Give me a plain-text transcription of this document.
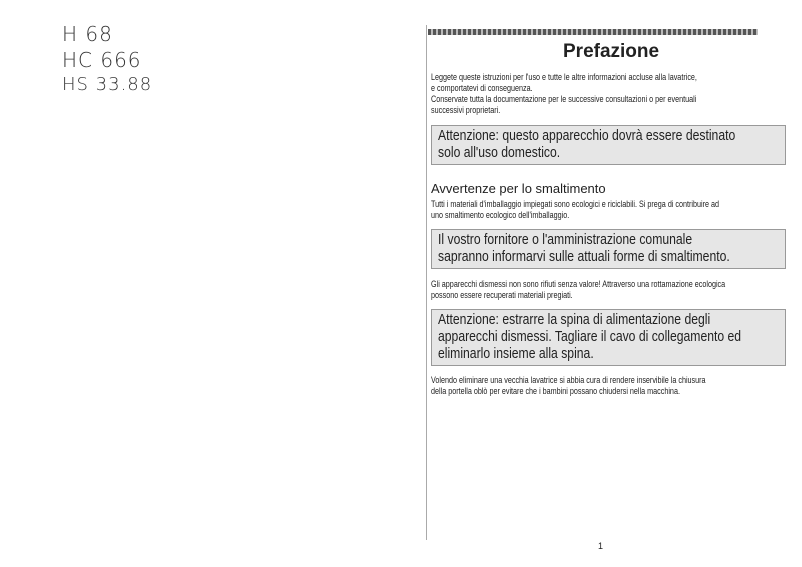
H 68
HC 666
HS 33.88
Prefazione
Leggete queste istruzioni per l'uso e tutte le altre informazioni accluse alla lavatrice,
e comportatevi di conseguenza.
Conservate tutta la documentazione per le successive consultazioni o per eventuali
successivi proprietari.
Attenzione: questo apparecchio dovrà essere destinato
solo all'uso domestico.
Avvertenze per lo smaltimento
Tutti i materiali d'imballaggio impiegati sono ecologici e riciclabili. Si prega di contribuire ad
uno smaltimento ecologico dell'imballaggio.
Il vostro fornitore o l'amministrazione comunale
sapranno informarvi sulle attuali forme di smaltimento.
Gli apparecchi dismessi non sono rifiuti senza valore! Attraverso una rottamazione ecologica
possono essere recuperati materiali pregiati.
Attenzione: estrarre la spina di alimentazione degli
apparecchi dismessi. Tagliare il cavo di collegamento ed
eliminarlo insieme alla spina.
Volendo eliminare una vecchia lavatrice si abbia cura di rendere inservibile la chiusura
della portella oblò per evitare che i bambini possano chiudersi nella macchina.
1
